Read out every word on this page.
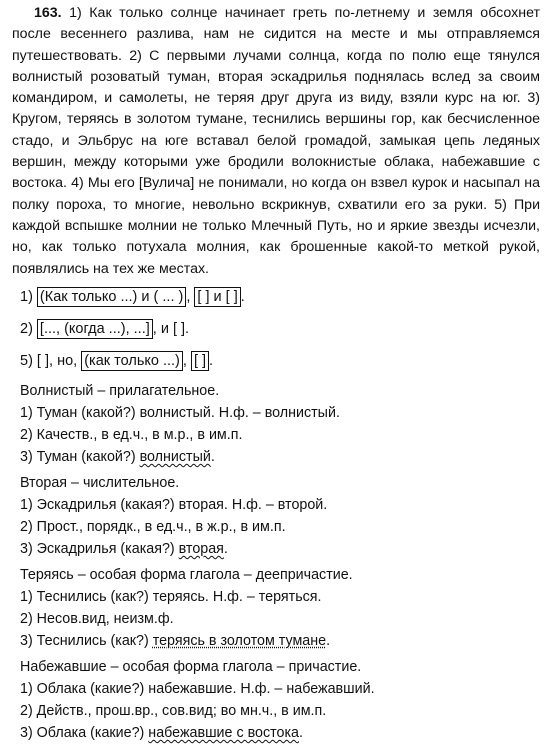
163. 1) Как только солнце начинает греть по-летнему и земля обсохнет после весеннего разлива, нам не сидится на месте и мы отправляемся путешествовать. 2) С первыми лучами солнца, когда по полю еще тянулся волнистый розоватый туман, вторая эскадрилья поднялась вслед за своим командиром, и самолеты, не теряя друг друга из виду, взяли курс на юг. 3) Кругом, теряясь в золотом тумане, теснились вершины гор, как бесчисленное стадо, и Эльбрус на юге вставал белой громадой, замыкая цепь ледяных вершин, между которыми уже бродили волокнистые облака, набежавшие с востока. 4) Мы его [Вулича] не понимали, но когда он взвел курок и насыпал на полку пороха, то многие, невольно вскрикнув, схватили его за руки. 5) При каждой вспышке молнии не только Млечный Путь, но и яркие звезды исчезли, но, как только потухала молния, как брошенные какой-то меткой рукой, появлялись на тех же местах.

1) (Как только ...) и ( ... ) , [ ] и [ ] .
2) [..., (когда ...), ...] , и [ ].
5) [ ], но, (как только ...) , [ ] .
Волнистый – прилагательное.
1) Туман (какой?) волнистый. Н.ф. – волнистый.
2) Качеств., в ед.ч., в м.р., в им.п.
3) Туман (какой?) волнистый.
Вторая – числительное.
1) Эскадрилья (какая?) вторая. Н.ф. – второй.
2) Прост., порядк., в ед.ч., в ж.р., в им.п.
3) Эскадрилья (какая?) вторая.
Теряясь – особая форма глагола – деепричастие.
1) Теснились (как?) теряясь. Н.ф. – теряться.
2) Несов.вид, неизм.ф.
3) Теснились (как?) теряясь в золотом тумане.
Набежавшие – особая форма глагола – причастие.
1) Облака (какие?) набежавшие. Н.ф. – набежавший.
2) Действ., прош.вр., сов.вид; во мн.ч., в им.п.
3) Облака (какие?) набежавшие с востока.
